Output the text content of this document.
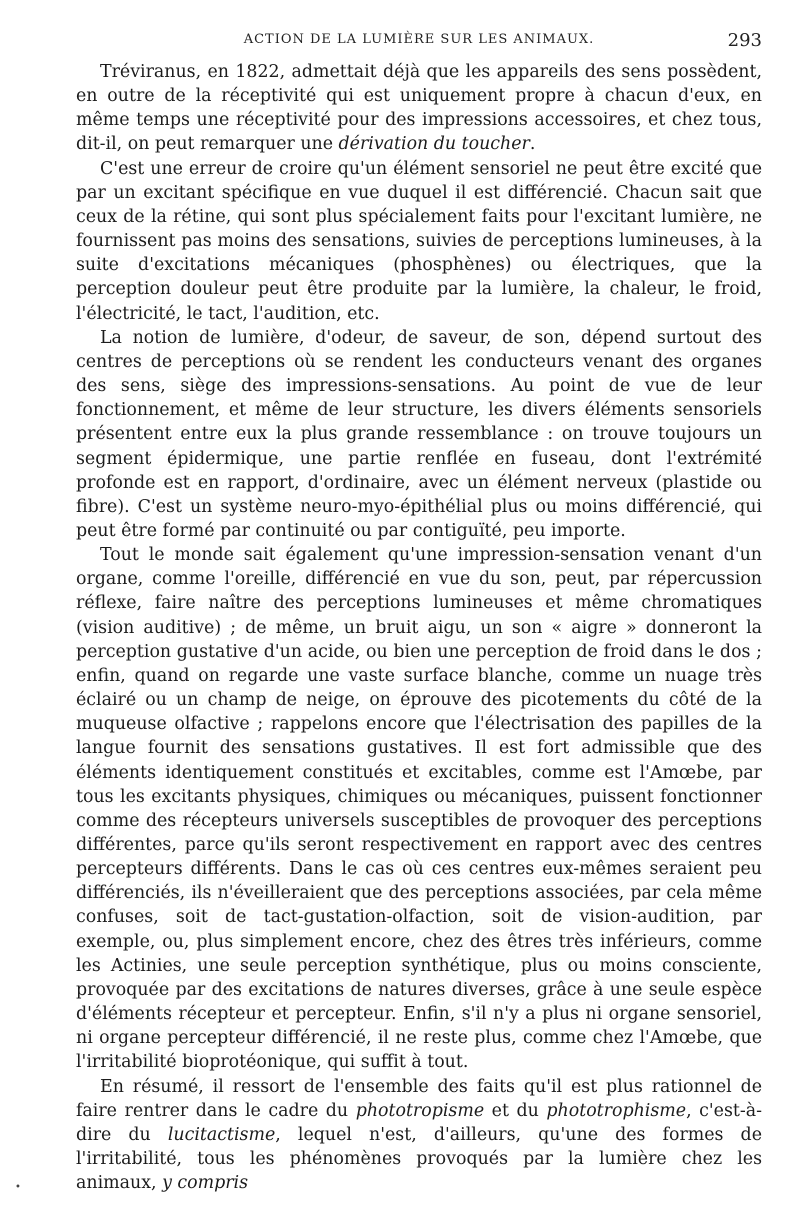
ACTION DE LA LUMIÈRE SUR LES ANIMAUX.	293

Tréviranus, en 1822, admettait déjà que les appareils des sens possèdent, en outre de la réceptivité qui est uniquement propre à chacun d'eux, en même temps une réceptivité pour des impressions accessoires, et chez tous, dit-il, on peut remarquer une dérivation du toucher.

C'est une erreur de croire qu'un élément sensoriel ne peut être excité que par un excitant spécifique en vue duquel il est différencié. Chacun sait que ceux de la rétine, qui sont plus spécialement faits pour l'excitant lumière, ne fournissent pas moins des sensations, suivies de perceptions lumineuses, à la suite d'excitations mécaniques (phosphènes) ou électriques, que la perception douleur peut être produite par la lumière, la chaleur, le froid, l'électricité, le tact, l'audition, etc.

La notion de lumière, d'odeur, de saveur, de son, dépend surtout des centres de perceptions où se rendent les conducteurs venant des organes des sens, siège des impressions-sensations. Au point de vue de leur fonctionnement, et même de leur structure, les divers éléments sensoriels présentent entre eux la plus grande ressemblance : on trouve toujours un segment épidermique, une partie renflée en fuseau, dont l'extrémité profonde est en rapport, d'ordinaire, avec un élément nerveux (plastide ou fibre). C'est un système neuro-myo-épithélial plus ou moins différencié, qui peut être formé par continuité ou par contiguïté, peu importe.

Tout le monde sait également qu'une impression-sensation venant d'un organe, comme l'oreille, différencié en vue du son, peut, par répercussion réflexe, faire naître des perceptions lumineuses et même chromatiques (vision auditive) ; de même, un bruit aigu, un son « aigre » donneront la perception gustative d'un acide, ou bien une perception de froid dans le dos ; enfin, quand on regarde une vaste surface blanche, comme un nuage très éclairé ou un champ de neige, on éprouve des picotements du côté de la muqueuse olfactive ; rappelons encore que l'électrisation des papilles de la langue fournit des sensations gustatives. Il est fort admissible que des éléments identiquement constitués et excitables, comme est l'Amœbe, par tous les excitants physiques, chimiques ou mécaniques, puissent fonctionner comme des récepteurs universels susceptibles de provoquer des perceptions différentes, parce qu'ils seront respectivement en rapport avec des centres percepteurs différents. Dans le cas où ces centres eux-mêmes seraient peu différenciés, ils n'éveilleraient que des perceptions associées, par cela même confuses, soit de tact-gustation-olfaction, soit de vision-audition, par exemple, ou, plus simplement encore, chez des êtres très inférieurs, comme les Actinies, une seule perception synthétique, plus ou moins consciente, provoquée par des excitations de natures diverses, grâce à une seule espèce d'éléments récepteur et percepteur. Enfin, s'il n'y a plus ni organe sensoriel, ni organe percepteur différencié, il ne reste plus, comme chez l'Amœbe, que l'irritabilité bioprotéonique, qui suffit à tout.

En résumé, il ressort de l'ensemble des faits qu'il est plus rationnel de faire rentrer dans le cadre du phototropisme et du phototrophisme, c'est-à-dire du lucitactisme, lequel n'est, d'ailleurs, qu'une des formes de l'irritabilité, tous les phénomènes provoqués par la lumière chez les animaux, y compris

•
